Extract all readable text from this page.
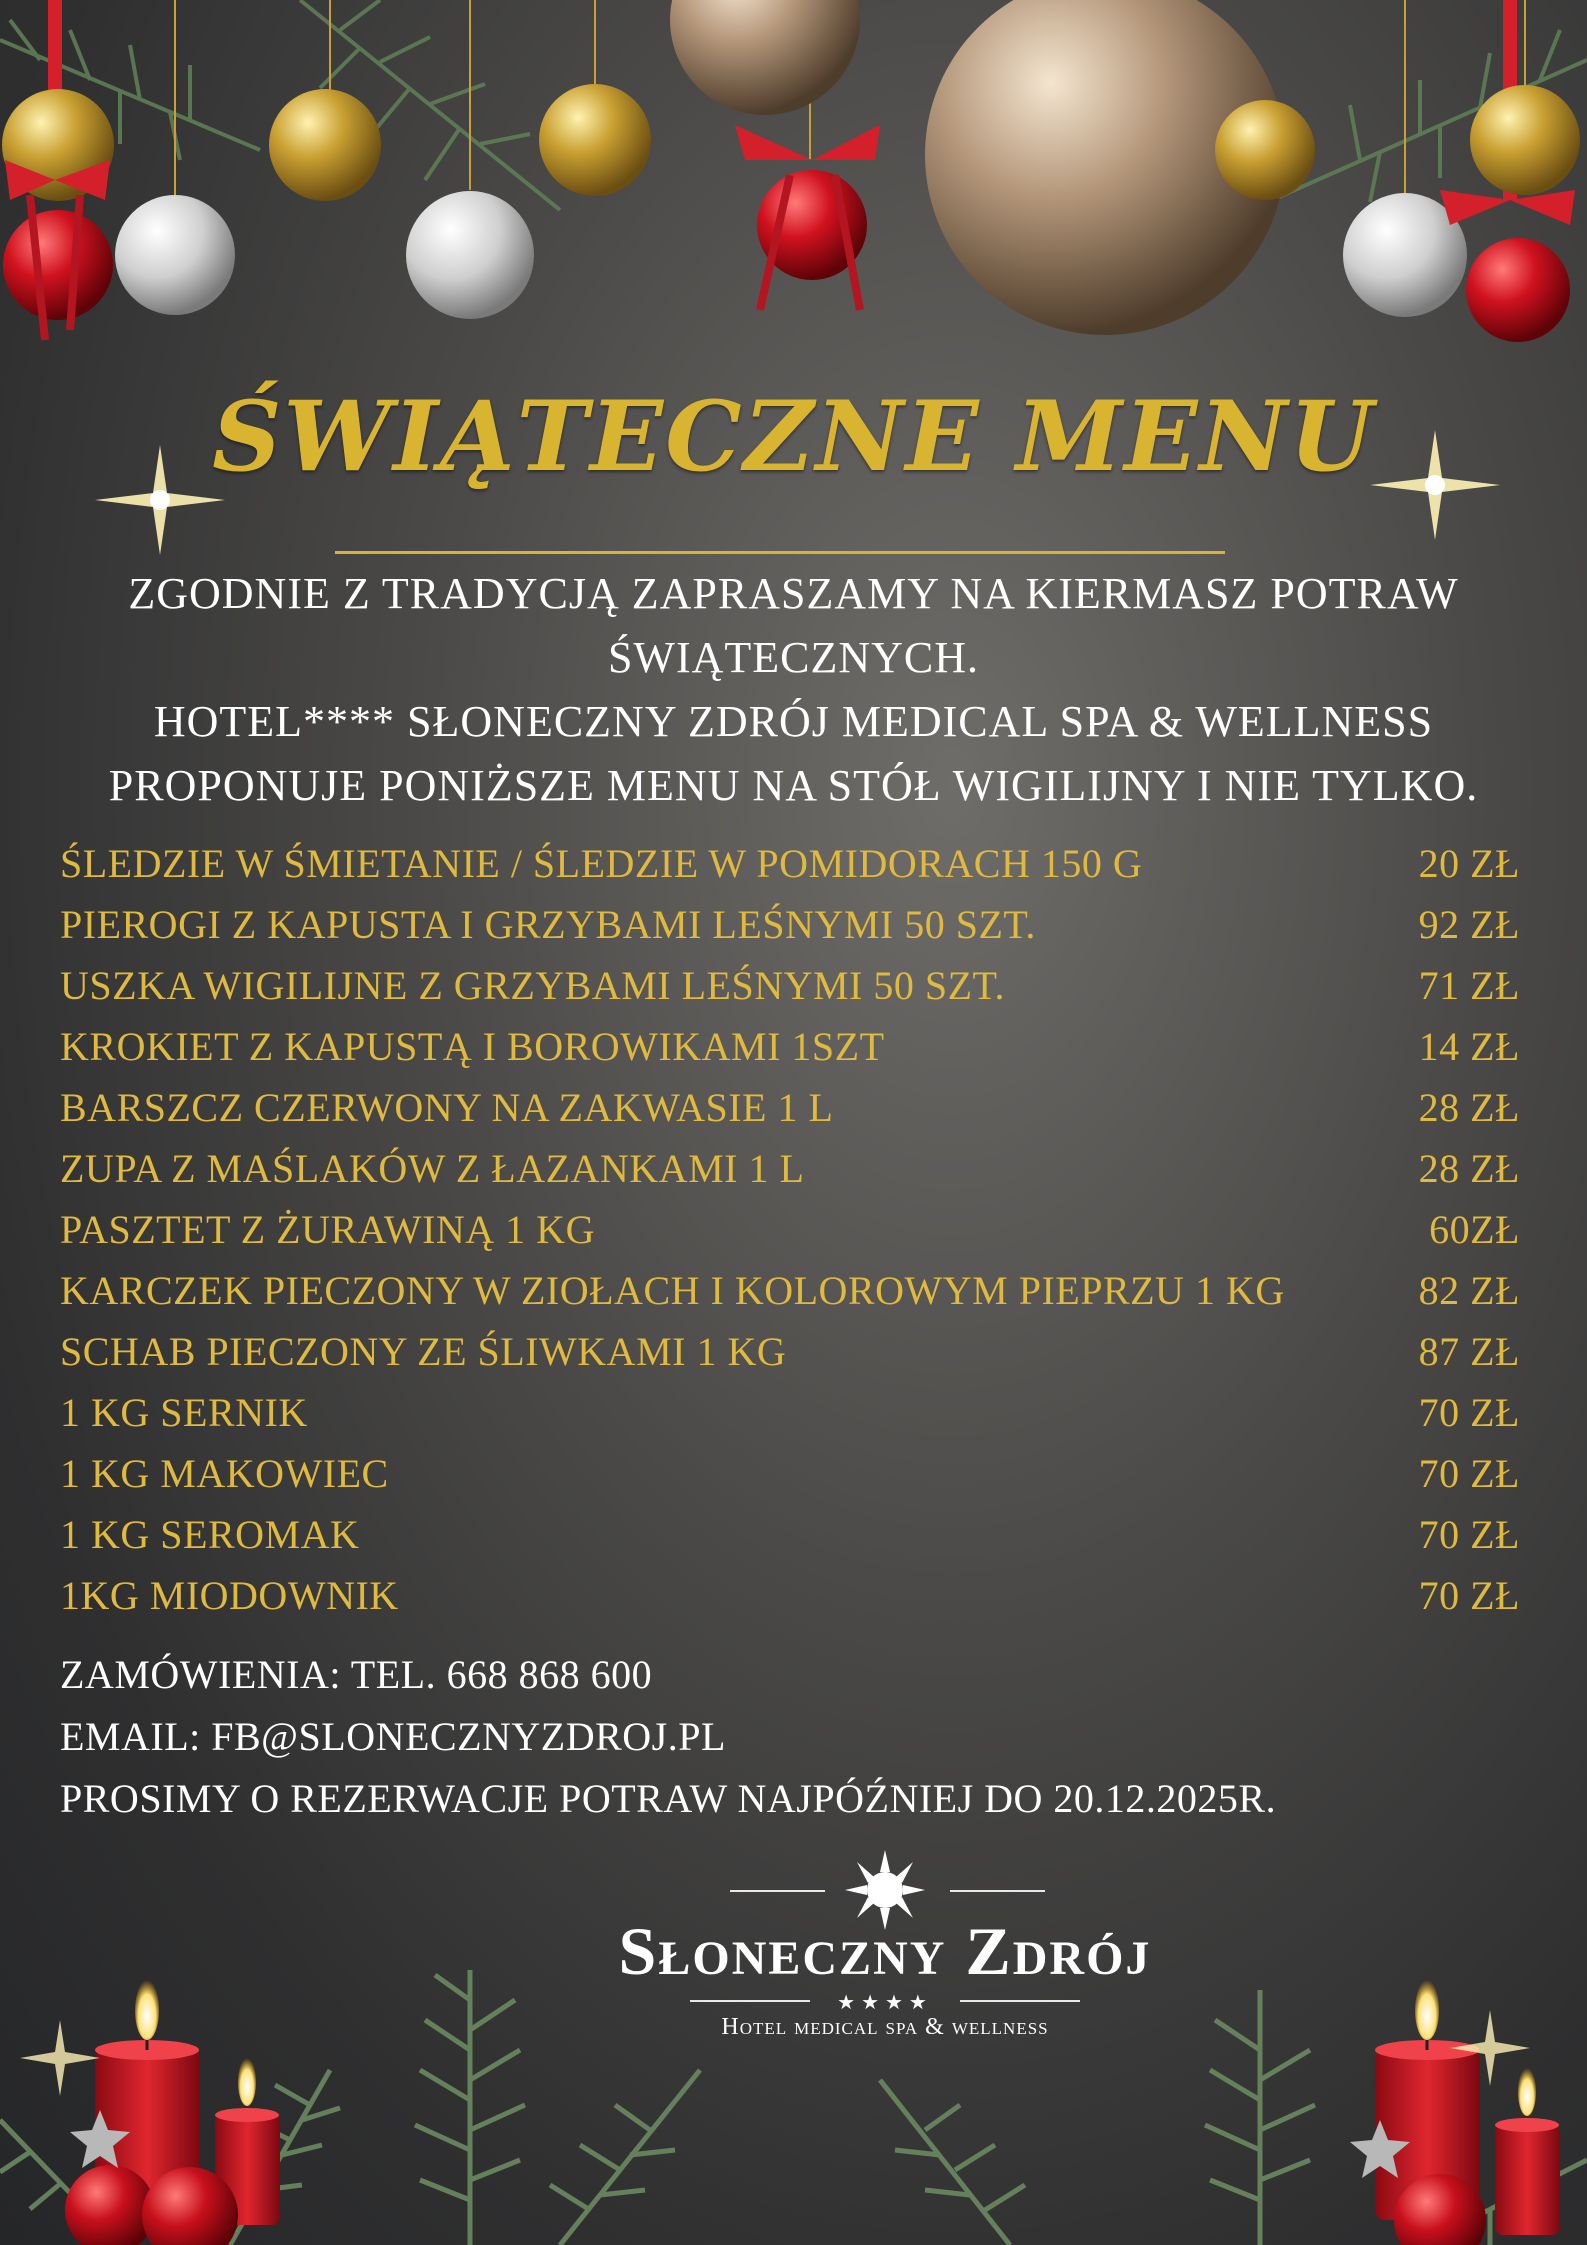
ŚWIĄTECZNE MENU
ZGODNIE Z TRADYCJĄ ZAPRASZAMY NA KIERMASZ POTRAW
ŚWIĄTECZNYCH.
HOTEL**** SŁONECZNY ZDRÓJ MEDICAL SPA & WELLNESS
PROPONUJE PONIŻSZE MENU NA STÓŁ WIGILIJNY I NIE TYLKO.
ŚLEDZIE W ŚMIETANIE / ŚLEDZIE W POMIDORACH 150 G	20 ZŁ
PIEROGI Z KAPUSTA I GRZYBAMI LEŚNYMI 50 SZT.	92 ZŁ
USZKA WIGILIJNE Z GRZYBAMI LEŚNYMI 50 SZT.	71 ZŁ
KROKIET Z KAPUSTĄ I BOROWIKAMI 1SZT	14 ZŁ
BARSZCZ CZERWONY NA ZAKWASIE 1 L	28 ZŁ
ZUPA Z MAŚLAKÓW Z ŁAZANKAMI 1 L	28 ZŁ
PASZTET Z ŻURAWINĄ 1 KG	60ZŁ
KARCZEK PIECZONY W ZIOŁACH I KOLOROWYM PIEPRZU 1 KG	82 ZŁ
SCHAB PIECZONY ZE ŚLIWKAMI 1 KG	87 ZŁ
1 KG SERNIK	70 ZŁ
1 KG MAKOWIEC	70 ZŁ
1 KG SEROMAK	70 ZŁ
1KG MIODOWNIK	70 ZŁ
ZAMÓWIENIA: TEL. 668 868 600
EMAIL: FB@SLONECZNYZDROJ.PL
PROSIMY O REZERWACJE POTRAW NAJPÓŹNIEJ DO 20.12.2025R.
Słoneczny Zdrój
★★★★
Hotel medical spa & wellness
